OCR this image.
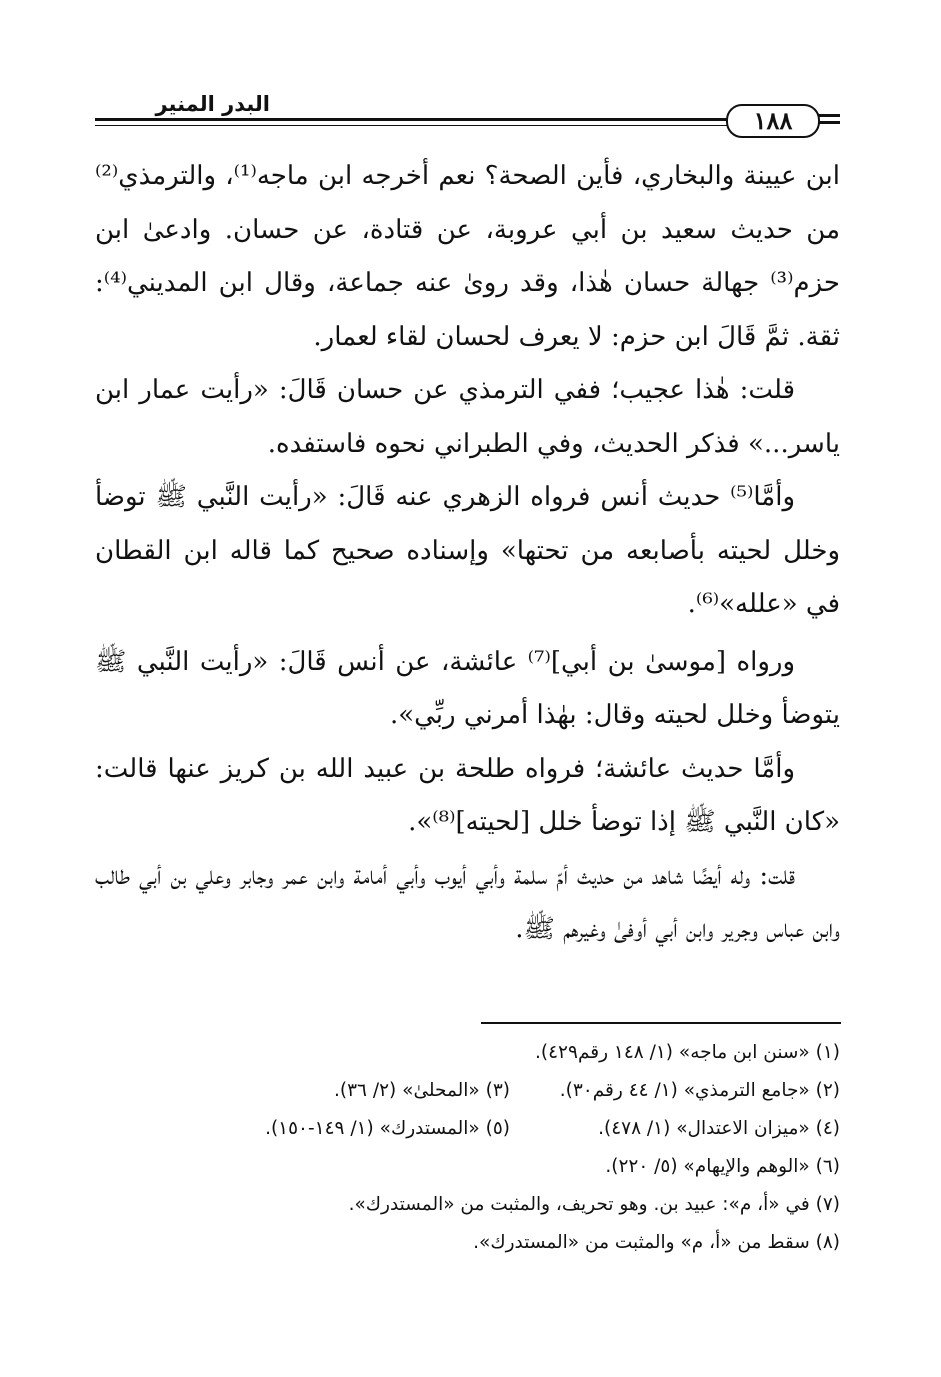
البدر المنير
١٨٨

ابن عيينة والبخاري، فأين الصحة؟ نعم أخرجه ابن ماجه⁽¹⁾، والترمذي⁽²⁾ من حديث سعيد بن أبي عروبة، عن قتادة، عن حسان. وادعىٰ ابن حزم⁽³⁾ جهالة حسان هٰذا، وقد روىٰ عنه جماعة، وقال ابن المديني⁽⁴⁾: ثقة. ثمَّ قَالَ ابن حزم: لا يعرف لحسان لقاء لعمار.

قلت: هٰذا عجيب؛ ففي الترمذي عن حسان قَالَ: «رأيت عمار ابن ياسر...» فذكر الحديث، وفي الطبراني نحوه فاستفده.

وأمَّا⁽⁵⁾ حديث أنس فرواه الزهري عنه قَالَ: «رأيت النَّبي ﷺ توضأ وخلل لحيته بأصابعه من تحتها» وإسناده صحيح كما قاله ابن القطان في «علله»⁽⁶⁾.

ورواه [موسىٰ بن أبي]⁽⁷⁾ عائشة، عن أنس قَالَ: «رأيت النَّبي ﷺ يتوضأ وخلل لحيته وقال: بهٰذا أمرني ربِّي».

وأمَّا حديث عائشة؛ فرواه طلحة بن عبيد الله بن كريز عنها قالت: «كان النَّبي ﷺ إذا توضأ خلل [لحيته]⁽⁸⁾».

قلت: وله أيضًا شاهد من حديث أمّ سلمة وأبي أيوب وأبي أمامة وابن عمر وجابر وعلي بن أبي طالب وابن عباس وجرير وابن أبي أوفىٰ وغيرهم ﷺ.

(١) «سنن ابن ماجه» (١/ ١٤٨ رقم٤٢٩).
(٢) «جامع الترمذي» (١/ ٤٤ رقم٣٠).(٣) «المحلىٰ» (٢/ ٣٦).
(٤) «ميزان الاعتدال» (١/ ٤٧٨).(٥) «المستدرك» (١/ ١٤٩-١٥٠).
(٦) «الوهم والإيهام» (٥/ ٢٢٠).
(٧) في «أ، م»: عبيد بن. وهو تحريف، والمثبت من «المستدرك».
(٨) سقط من «أ، م» والمثبت من «المستدرك».
